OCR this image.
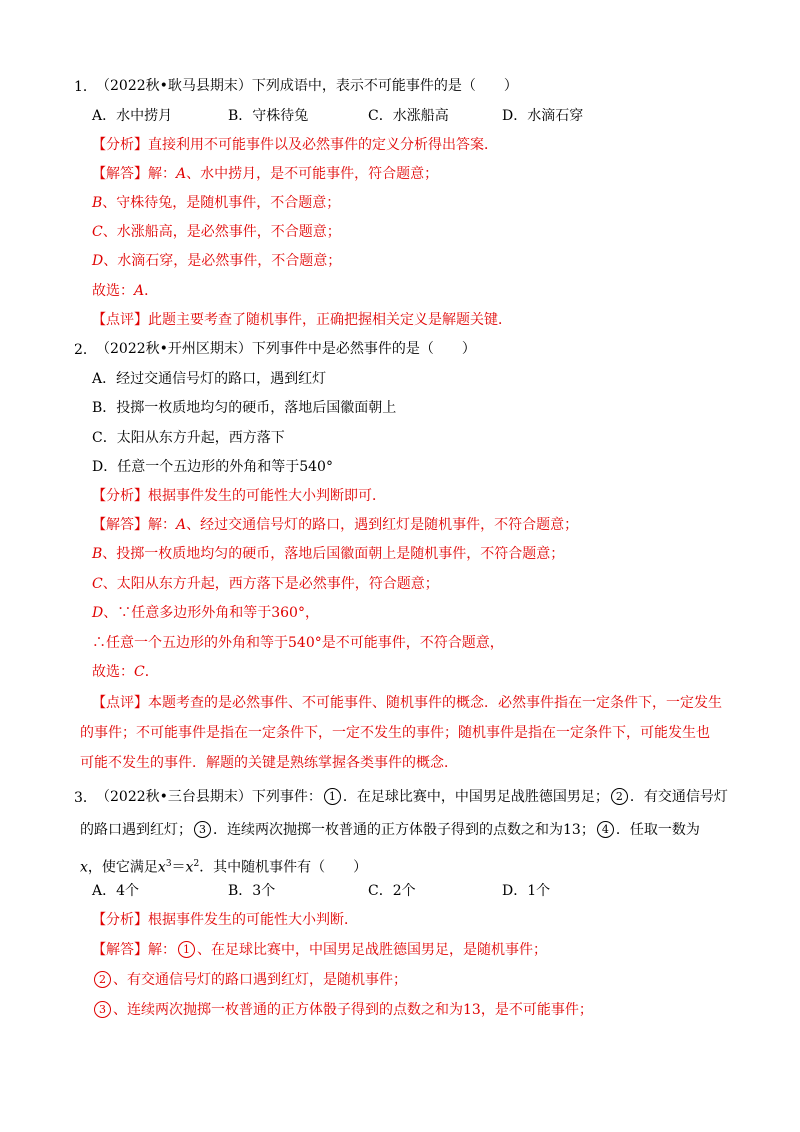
1． （2022秋•耿马县期末）下列成语中，表示不可能事件的是（　　）
A．水中捞月	B．守株待兔	C．水涨船高	D．水滴石穿
【分析】直接利用不可能事件以及必然事件的定义分析得出答案．
【解答】解：A、水中捞月，是不可能事件，符合题意；
B、守株待兔，是随机事件，不合题意；
C、水涨船高，是必然事件，不合题意；
D、水滴石穿，是必然事件，不合题意；
故选：A．
【点评】此题主要考查了随机事件，正确把握相关定义是解题关键．
2． （2022秋•开州区期末）下列事件中是必然事件的是（　　）
A．经过交通信号灯的路口，遇到红灯
B．投掷一枚质地均匀的硬币，落地后国徽面朝上
C．太阳从东方升起，西方落下
D．任意一个五边形的外角和等于540°
【分析】根据事件发生的可能性大小判断即可．
【解答】解：A、经过交通信号灯的路口，遇到红灯是随机事件，不符合题意；
B、投掷一枚质地均匀的硬币，落地后国徽面朝上是随机事件，不符合题意；
C、太阳从东方升起，西方落下是必然事件，符合题意；
D、∵任意多边形外角和等于360°，
∴任意一个五边形的外角和等于540°是不可能事件，不符合题意，
故选：C．
【点评】本题考查的是必然事件、不可能事件、随机事件的概念．必然事件指在一定条件下，一定发生
的事件；不可能事件是指在一定条件下，一定不发生的事件；随机事件是指在一定条件下，可能发生也
可能不发生的事件．解题的关键是熟练掌握各类事件的概念．
3． （2022秋•三台县期末）下列事件： 1 ．在足球比赛中，中国男足战胜德国男足； 2 ．有交通信号灯
的路口遇到红灯； 3 ．连续两次抛掷一枚普通的正方体骰子得到的点数之和为13； 4 ．任取一数为
x，使它满足$x^3=x^2$．其中随机事件有（　　）
A．4个	B．3个	C．2个	D．1个
【分析】根据事件发生的可能性大小判断．
【解答】解： 1 、在足球比赛中，中国男足战胜德国男足，是随机事件；
2 、有交通信号灯的路口遇到红灯，是随机事件；
3 、连续两次抛掷一枚普通的正方体骰子得到的点数之和为13，是不可能事件；
